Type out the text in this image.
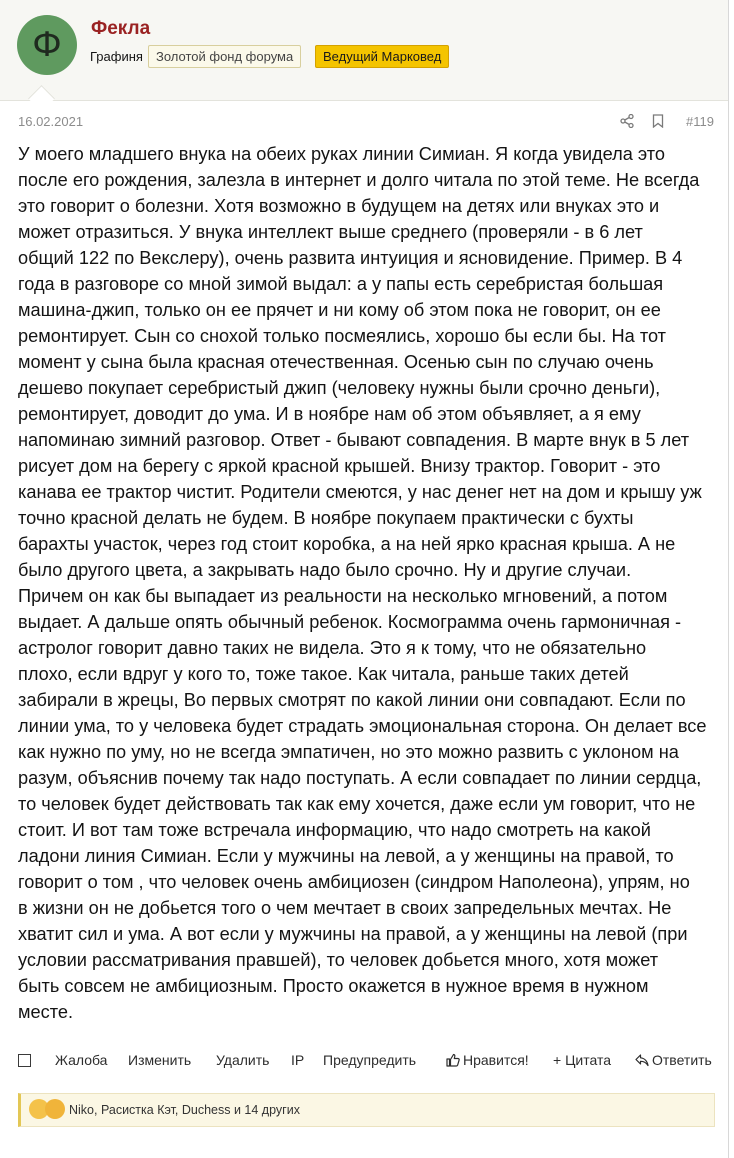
Ф	Фекла
Графиня	Золотой фонд форума	Ведущий Марковед
16.02.2021	#119

У моего младшего внука на обеих руках линии Симиан. Я когда увидела это

после его рождения, залезла в интернет и долго читала по этой теме. Не всегда

это говорит о болезни. Хотя возможно в будущем на детях или внуках это и

может отразиться. У внука интеллект выше среднего (проверяли - в 6 лет

общий 122 по Векслеру), очень развита интуиция и ясновидение. Пример. В 4

года в разговоре со мной зимой выдал: а у папы есть серебристая большая

машина-джип, только он ее прячет и ни кому об этом пока не говорит, он ее

ремонтирует. Сын со снохой только посмеялись, хорошо бы если бы. На тот

момент у сына была красная отечественная. Осенью сын по случаю очень

дешево покупает серебристый джип (человеку нужны были срочно деньги),

ремонтирует, доводит до ума. И в ноябре нам об этом объявляет, а я ему

напоминаю зимний разговор. Ответ - бывают совпадения. В марте внук в 5 лет

рисует дом на берегу с яркой красной крышей. Внизу трактор. Говорит - это

канава ее трактор чистит. Родители смеются, у нас денег нет на дом и крышу уж

точно красной делать не будем. В ноябре покупаем практически с бухты

барахты участок, через год стоит коробка, а на ней ярко красная крыша. А не

было другого цвета, а закрывать надо было срочно. Ну и другие случаи.

Причем он как бы выпадает из реальности на несколько мгновений, а потом

выдает. А дальше опять обычный ребенок. Космограмма очень гармоничная -

астролог говорит давно таких не видела. Это я к тому, что не обязательно

плохо, если вдруг у кого то, тоже такое. Как читала, раньше таких детей

забирали в жрецы, Во первых смотрят по какой линии они совпадают. Если по

линии ума, то у человека будет страдать эмоциональная сторона. Он делает все

как нужно по уму, но не всегда эмпатичен, но это можно развить с уклоном на

разум, объяснив почему так надо поступать. А если совпадает по линии сердца,

то человек будет действовать так как ему хочется, даже если ум говорит, что не

стоит. И вот там тоже встречала информацию, что надо смотреть на какой

ладони линия Симиан. Если у мужчины на левой, а у женщины на правой, то

говорит о том , что человек очень амбициозен (синдром Наполеона), упрям, но

в жизни он не добьется того о чем мечтает в своих запредельных мечтах. Не

хватит сил и ума. А вот если у мужчины на правой, а у женщины на левой (при

условии рассматривания правшей), то человек добьется много, хотя может

быть совсем не амбициозным. Просто окажется в нужное время в нужном

месте.

Жалоба Изменить Удалить IP Предупредить	Нравится! + Цитата	Ответить
Niko, Расистка Кэт, Duchess и 14 других
